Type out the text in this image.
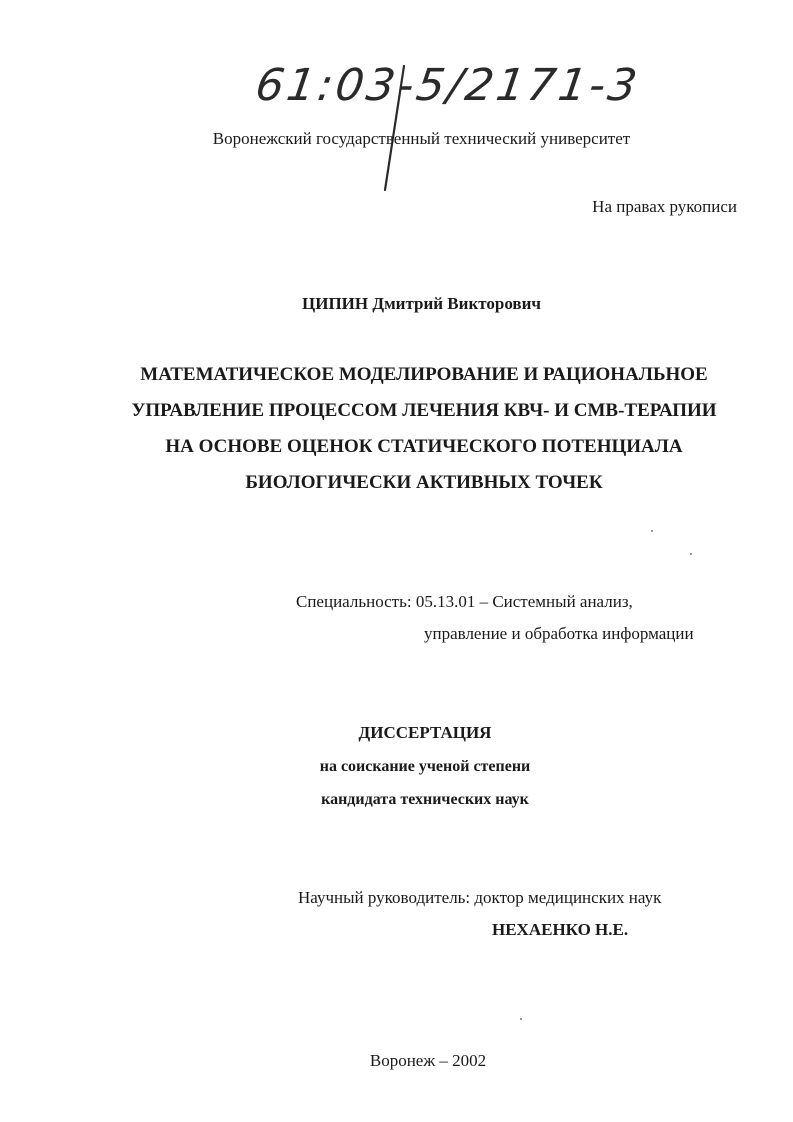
61:03-5/2171-3
Воронежский государственный технический университет
На правах рукописи
ЦИПИН Дмитрий Викторович
МАТЕМАТИЧЕСКОЕ МОДЕЛИРОВАНИЕ И РАЦИОНАЛЬНОЕ
УПРАВЛЕНИЕ ПРОЦЕССОМ ЛЕЧЕНИЯ КВЧ- И СМВ-ТЕРАПИИ
НА ОСНОВЕ ОЦЕНОК СТАТИЧЕСКОГО ПОТЕНЦИАЛА
БИОЛОГИЧЕСКИ АКТИВНЫХ ТОЧЕК
Специальность: 05.13.01 – Системный анализ,
управление и обработка информации
ДИССЕРТАЦИЯ
на соискание ученой степени
кандидата технических наук
Научный руководитель: доктор медицинских наук
НЕХАЕНКО Н.Е.
Воронеж – 2002
